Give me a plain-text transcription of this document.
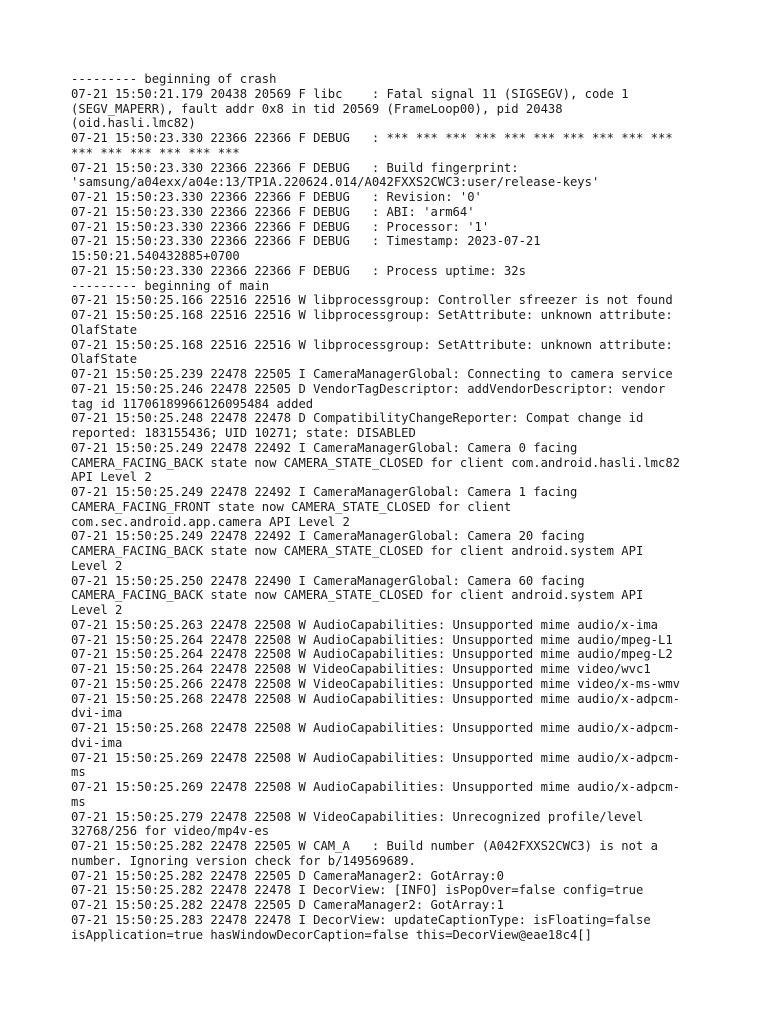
--------- beginning of crash
07-21 15:50:21.179 20438 20569 F libc    : Fatal signal 11 (SIGSEGV), code 1
(SEGV_MAPERR), fault addr 0x8 in tid 20569 (FrameLoop00), pid 20438
(oid.hasli.lmc82)
07-21 15:50:23.330 22366 22366 F DEBUG   : *** *** *** *** *** *** *** *** *** ***
*** *** *** *** *** ***
07-21 15:50:23.330 22366 22366 F DEBUG   : Build fingerprint:
'samsung/a04exx/a04e:13/TP1A.220624.014/A042FXXS2CWC3:user/release-keys'
07-21 15:50:23.330 22366 22366 F DEBUG   : Revision: '0'
07-21 15:50:23.330 22366 22366 F DEBUG   : ABI: 'arm64'
07-21 15:50:23.330 22366 22366 F DEBUG   : Processor: '1'
07-21 15:50:23.330 22366 22366 F DEBUG   : Timestamp: 2023-07-21
15:50:21.540432885+0700
07-21 15:50:23.330 22366 22366 F DEBUG   : Process uptime: 32s
--------- beginning of main
07-21 15:50:25.166 22516 22516 W libprocessgroup: Controller sfreezer is not found
07-21 15:50:25.168 22516 22516 W libprocessgroup: SetAttribute: unknown attribute:
OlafState
07-21 15:50:25.168 22516 22516 W libprocessgroup: SetAttribute: unknown attribute:
OlafState
07-21 15:50:25.239 22478 22505 I CameraManagerGlobal: Connecting to camera service
07-21 15:50:25.246 22478 22505 D VendorTagDescriptor: addVendorDescriptor: vendor
tag id 11706189966126095484 added
07-21 15:50:25.248 22478 22478 D CompatibilityChangeReporter: Compat change id
reported: 183155436; UID 10271; state: DISABLED
07-21 15:50:25.249 22478 22492 I CameraManagerGlobal: Camera 0 facing
CAMERA_FACING_BACK state now CAMERA_STATE_CLOSED for client com.android.hasli.lmc82
API Level 2
07-21 15:50:25.249 22478 22492 I CameraManagerGlobal: Camera 1 facing
CAMERA_FACING_FRONT state now CAMERA_STATE_CLOSED for client
com.sec.android.app.camera API Level 2
07-21 15:50:25.249 22478 22492 I CameraManagerGlobal: Camera 20 facing
CAMERA_FACING_BACK state now CAMERA_STATE_CLOSED for client android.system API
Level 2
07-21 15:50:25.250 22478 22490 I CameraManagerGlobal: Camera 60 facing
CAMERA_FACING_BACK state now CAMERA_STATE_CLOSED for client android.system API
Level 2
07-21 15:50:25.263 22478 22508 W AudioCapabilities: Unsupported mime audio/x-ima
07-21 15:50:25.264 22478 22508 W AudioCapabilities: Unsupported mime audio/mpeg-L1
07-21 15:50:25.264 22478 22508 W AudioCapabilities: Unsupported mime audio/mpeg-L2
07-21 15:50:25.264 22478 22508 W VideoCapabilities: Unsupported mime video/wvc1
07-21 15:50:25.266 22478 22508 W VideoCapabilities: Unsupported mime video/x-ms-wmv
07-21 15:50:25.268 22478 22508 W AudioCapabilities: Unsupported mime audio/x-adpcm-
dvi-ima
07-21 15:50:25.268 22478 22508 W AudioCapabilities: Unsupported mime audio/x-adpcm-
dvi-ima
07-21 15:50:25.269 22478 22508 W AudioCapabilities: Unsupported mime audio/x-adpcm-
ms
07-21 15:50:25.269 22478 22508 W AudioCapabilities: Unsupported mime audio/x-adpcm-
ms
07-21 15:50:25.279 22478 22508 W VideoCapabilities: Unrecognized profile/level
32768/256 for video/mp4v-es
07-21 15:50:25.282 22478 22505 W CAM_A   : Build number (A042FXXS2CWC3) is not a
number. Ignoring version check for b/149569689.
07-21 15:50:25.282 22478 22505 D CameraManager2: GotArray:0
07-21 15:50:25.282 22478 22478 I DecorView: [INFO] isPopOver=false config=true
07-21 15:50:25.282 22478 22505 D CameraManager2: GotArray:1
07-21 15:50:25.283 22478 22478 I DecorView: updateCaptionType: isFloating=false
isApplication=true hasWindowDecorCaption=false this=DecorView@eae18c4[]
